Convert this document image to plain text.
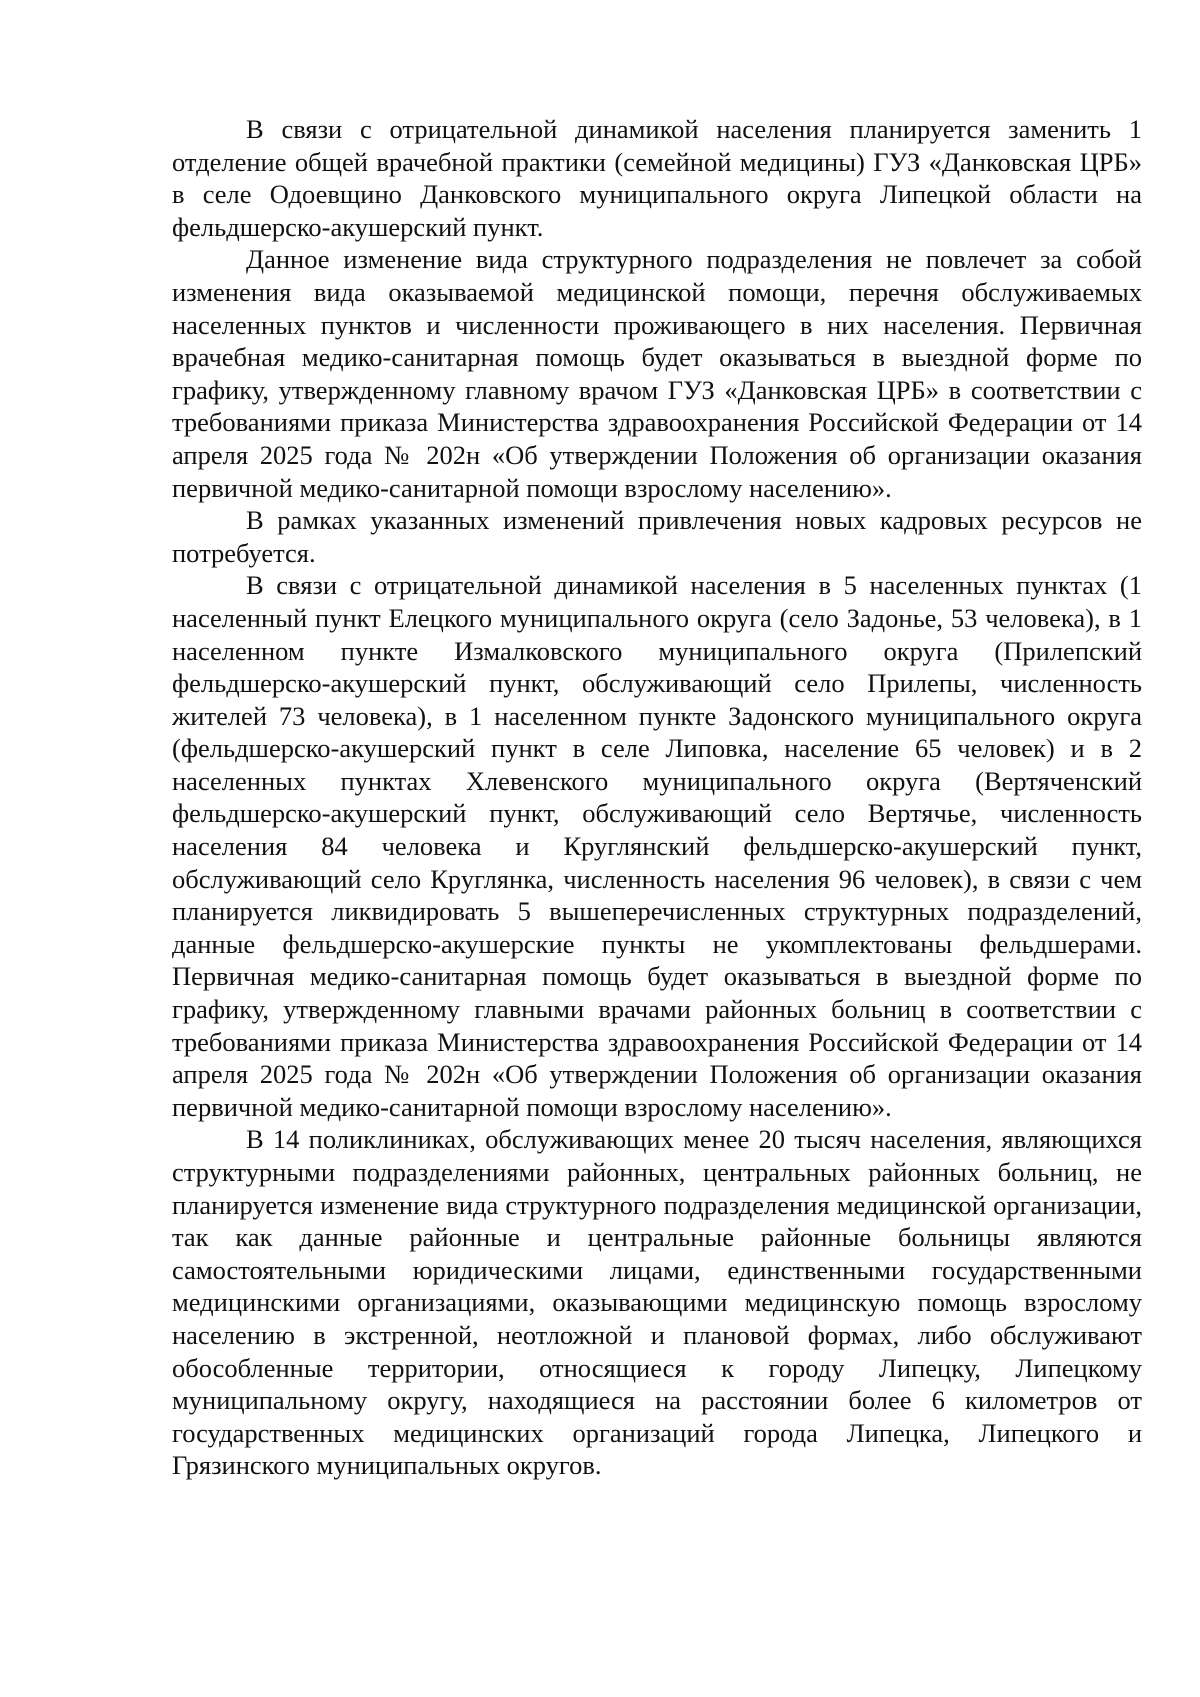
В связи с отрицательной динамикой населения планируется заменить 1 отделение общей врачебной практики (семейной медицины) ГУЗ «Данковская ЦРБ» в селе Одоевщино Данковского муниципального округа Липецкой области на фельдшерско-акушерский пункт.

Данное изменение вида структурного подразделения не повлечет за собой изменения вида оказываемой медицинской помощи, перечня обслуживаемых населенных пунктов и численности проживающего в них населения. Первичная врачебная медико-санитарная помощь будет оказываться в выездной форме по графику, утвержденному главному врачом ГУЗ «Данковская ЦРБ» в соответствии с требованиями приказа Министерства здравоохранения Российской Федерации от 14 апреля 2025 года № 202н «Об утверждении Положения об организации оказания первичной медико-санитарной помощи взрослому населению».

В рамках указанных изменений привлечения новых кадровых ресурсов не потребуется.

В связи с отрицательной динамикой населения в 5 населенных пунктах (1 населенный пункт Елецкого муниципального округа (село Задонье, 53 человека), в 1 населенном пункте Измалковского муниципального округа (Прилепский фельдшерско-акушерский пункт, обслуживающий село Прилепы, численность жителей 73 человека), в 1 населенном пункте Задонского муниципального округа (фельдшерско-акушерский пункт в селе Липовка, население 65 человек) и в 2 населенных пунктах Хлевенского муниципального округа (Вертяченский фельдшерско-акушерский пункт, обслуживающий село Вертячье, численность населения 84 человека и Круглянский фельдшерско-акушерский пункт, обслуживающий село Круглянка, численность населения 96 человек), в связи с чем планируется ликвидировать 5 вышеперечисленных структурных подразделений, данные фельдшерско-акушерские пункты не укомплектованы фельдшерами. Первичная медико-санитарная помощь будет оказываться в выездной форме по графику, утвержденному главными врачами районных больниц в соответствии с требованиями приказа Министерства здравоохранения Российской Федерации от 14 апреля 2025 года № 202н «Об утверждении Положения об организации оказания первичной медико-санитарной помощи взрослому населению».

В 14 поликлиниках, обслуживающих менее 20 тысяч населения, являющихся структурными подразделениями районных, центральных районных больниц, не планируется изменение вида структурного подразделения медицинской организации, так как данные районные и центральные районные больницы являются самостоятельными юридическими лицами, единственными государственными медицинскими организациями, оказывающими медицинскую помощь взрослому населению в экстренной, неотложной и плановой формах, либо обслуживают обособленные территории, относящиеся к городу Липецку, Липецкому муниципальному округу, находящиеся на расстоянии более 6 километров от государственных медицинских организаций города Липецка, Липецкого и Грязинского муниципальных округов.
